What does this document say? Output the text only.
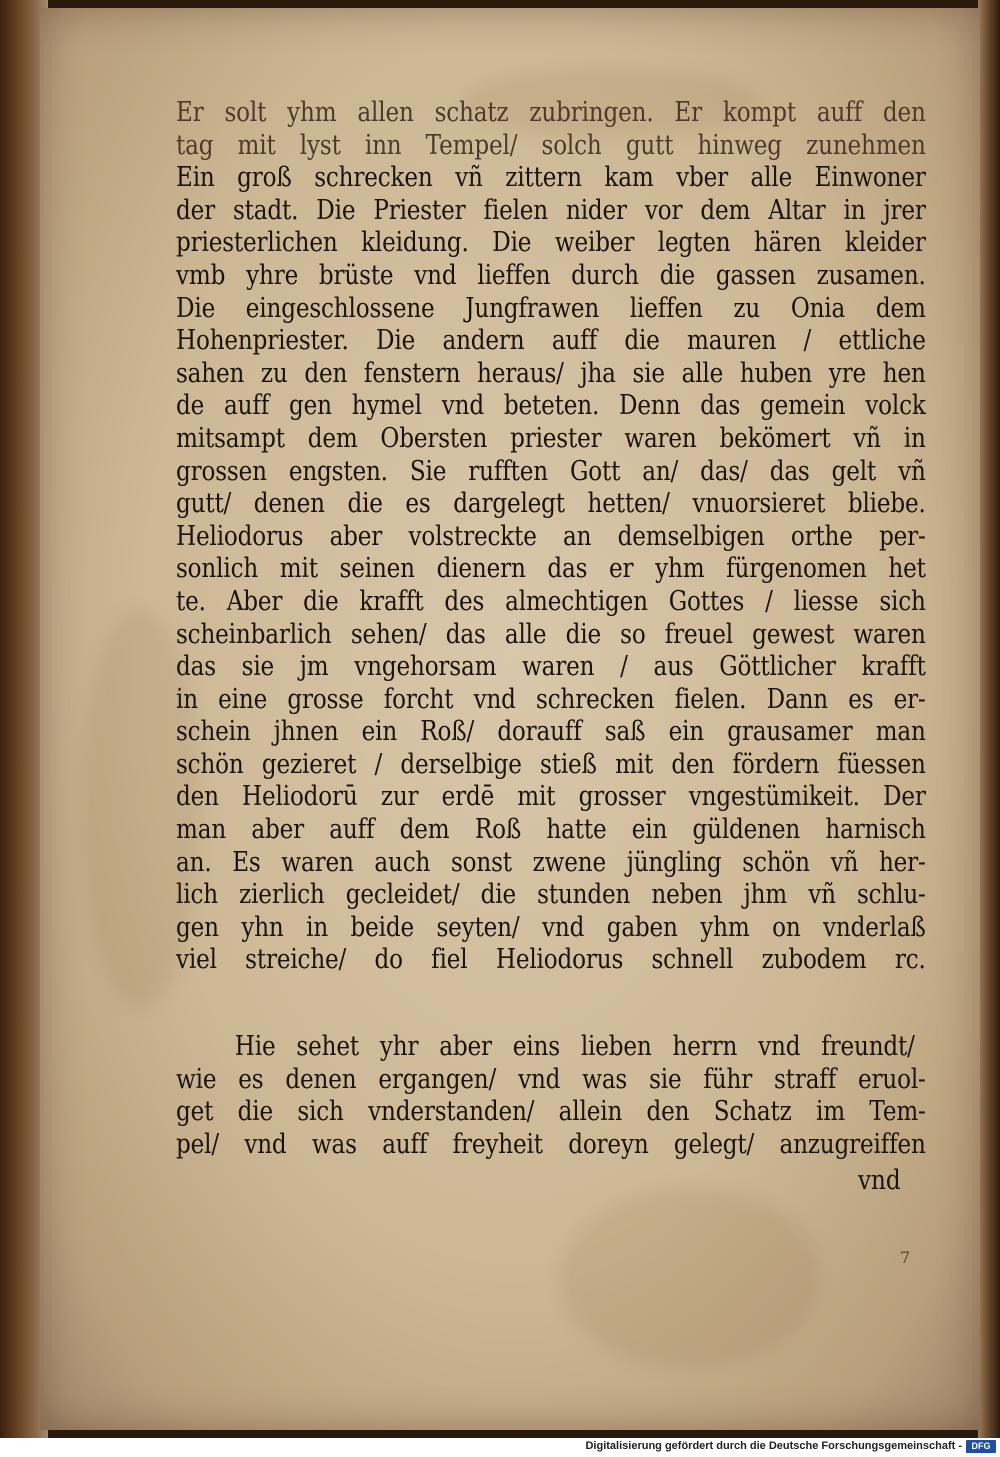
Er solt yhm allen schatz zubringen. Er kompt auff den
tag mit lyst inn Tempel/ solch gutt hinweg zunehmen
Ein groß schrecken vñ zittern kam vber alle Einwoner
der stadt. Die Priester fielen nider vor dem Altar in jrer
priesterlichen kleidung. Die weiber legten hären kleider
vmb yhre brüste vnd lieffen durch die gassen zusamen.
Die eingeschlossene Jungfrawen lieffen zu Onia dem
Hohenpriester. Die andern auff die mauren / ettliche
sahen zu den fenstern heraus/ jha sie alle huben yre hen
de auff gen hymel vnd beteten. Denn das gemein volck
mitsampt dem Obersten priester waren bekömert vñ in
grossen engsten. Sie rufften Gott an/ das/ das gelt vñ
gutt/ denen die es dargelegt hetten/ vnuorsieret bliebe.
Heliodorus aber volstreckte an demselbigen orthe per-
sonlich mit seinen dienern das er yhm fürgenomen het
te. Aber die krafft des almechtigen Gottes / liesse sich
scheinbarlich sehen/ das alle die so freuel gewest waren
das sie jm vngehorsam waren / aus Göttlicher krafft
in eine grosse forcht vnd schrecken fielen. Dann es er-
schein jhnen ein Roß/ dorauff saß ein grausamer man
schön gezieret / derselbige stieß mit den fördern füessen
den Heliodorū zur erdē mit grosser vngestümikeit. Der
man aber auff dem Roß hatte ein güldenen harnisch
an. Es waren auch sonst zwene jüngling schön vñ her-
lich zierlich gecleidet/ die stunden neben jhm vñ schlu-
gen yhn in beide seyten/ vnd gaben yhm on vnderlaß
viel streiche/ do fiel Heliodorus schnell zubodem rc.
Hie sehet yhr aber eins lieben herrn vnd freundt/
wie es denen ergangen/ vnd was sie führ straff eruol-
get die sich vnderstanden/ allein den Schatz im Tem-
pel/ vnd was auff freyheit doreyn gelegt/ anzugreiffen
vnd
7
Digitalisierung gefördert durch die Deutsche Forschungsgemeinschaft -	DFG
